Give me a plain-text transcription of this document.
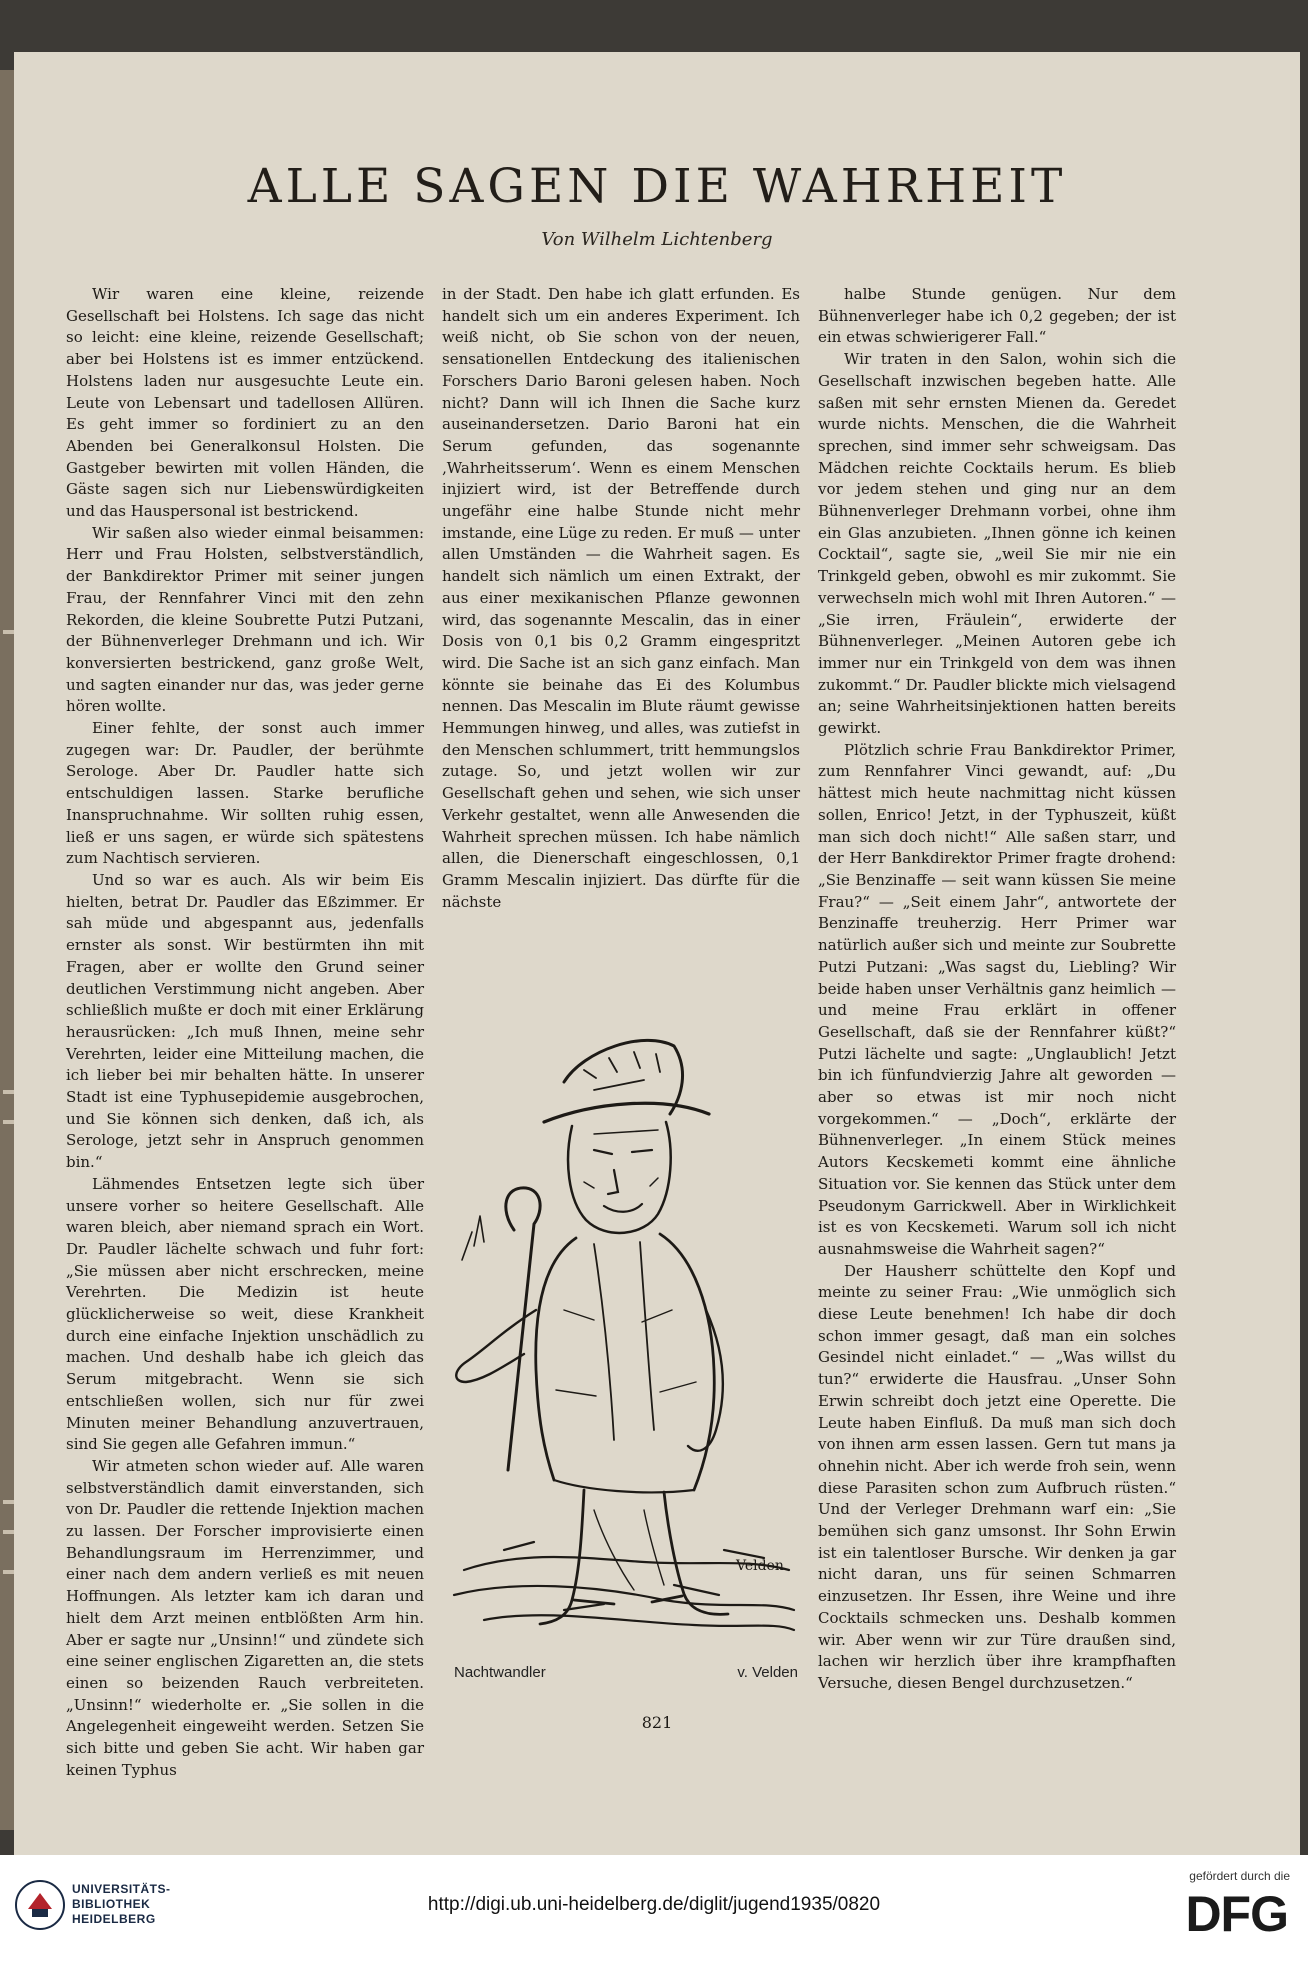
ALLE SAGEN DIE WAHRHEIT
Von Wilhelm Lichtenberg

Wir waren eine kleine, reizende Gesellschaft bei Holstens. Ich sage das nicht so leicht: eine kleine, reizende Gesellschaft; aber bei Holstens ist es immer entzückend. Holstens laden nur ausgesuchte Leute ein. Leute von Lebensart und tadellosen Allüren. Es geht immer so fordiniert zu an den Abenden bei Generalkonsul Holsten. Die Gastgeber bewirten mit vollen Händen, die Gäste sagen sich nur Liebenswürdigkeiten und das Hauspersonal ist bestrickend.

Wir saßen also wieder einmal beisammen: Herr und Frau Holsten, selbstverständlich, der Bankdirektor Primer mit seiner jungen Frau, der Rennfahrer Vinci mit den zehn Rekorden, die kleine Soubrette Putzi Putzani, der Bühnenverleger Drehmann und ich. Wir konversierten bestrickend, ganz große Welt, und sagten einander nur das, was jeder gerne hören wollte.

Einer fehlte, der sonst auch immer zugegen war: Dr. Paudler, der berühmte Serologe. Aber Dr. Paudler hatte sich entschuldigen lassen. Starke berufliche Inanspruchnahme. Wir sollten ruhig essen, ließ er uns sagen, er würde sich spätestens zum Nachtisch servieren.

Und so war es auch. Als wir beim Eis hielten, betrat Dr. Paudler das Eßzimmer. Er sah müde und abgespannt aus, jedenfalls ernster als sonst. Wir bestürmten ihn mit Fragen, aber er wollte den Grund seiner deutlichen Verstimmung nicht angeben. Aber schließlich mußte er doch mit einer Erklärung herausrücken: „Ich muß Ihnen, meine sehr Verehrten, leider eine Mitteilung machen, die ich lieber bei mir behalten hätte. In unserer Stadt ist eine Typhusepidemie ausgebrochen, und Sie können sich denken, daß ich, als Serologe, jetzt sehr in Anspruch genommen bin.“

Lähmendes Entsetzen legte sich über unsere vorher so heitere Gesellschaft. Alle waren bleich, aber niemand sprach ein Wort. Dr. Paudler lächelte schwach und fuhr fort: „Sie müssen aber nicht erschrecken, meine Verehrten. Die Medizin ist heute glücklicherweise so weit, diese Krankheit durch eine einfache Injektion unschädlich zu machen. Und deshalb habe ich gleich das Serum mitgebracht. Wenn sie sich entschließen wollen, sich nur für zwei Minuten meiner Behandlung anzuvertrauen, sind Sie gegen alle Gefahren immun.“

Wir atmeten schon wieder auf. Alle waren selbstverständlich damit einverstanden, sich von Dr. Paudler die rettende Injektion machen zu lassen. Der Forscher improvisierte einen Behandlungsraum im Herrenzimmer, und einer nach dem andern verließ es mit neuen Hoffnungen. Als letzter kam ich daran und hielt dem Arzt meinen entblößten Arm hin. Aber er sagte nur „Unsinn!“ und zündete sich eine seiner englischen Zigaretten an, die stets einen so beizenden Rauch verbreiteten. „Unsinn!“ wiederholte er. „Sie sollen in die Angelegenheit eingeweiht werden. Setzen Sie sich bitte und geben Sie acht. Wir haben gar keinen Typhus

in der Stadt. Den habe ich glatt erfunden. Es handelt sich um ein anderes Experiment. Ich weiß nicht, ob Sie schon von der neuen, sensationellen Entdeckung des italienischen Forschers Dario Baroni gelesen haben. Noch nicht? Dann will ich Ihnen die Sache kurz auseinandersetzen. Dario Baroni hat ein Serum gefunden, das sogenannte ‚Wahrheitsserum‘. Wenn es einem Menschen injiziert wird, ist der Betreffende durch ungefähr eine halbe Stunde nicht mehr imstande, eine Lüge zu reden. Er muß — unter allen Umständen — die Wahrheit sagen. Es handelt sich nämlich um einen Extrakt, der aus einer mexikanischen Pflanze gewonnen wird, das sogenannte Mescalin, das in einer Dosis von 0,1 bis 0,2 Gramm eingespritzt wird. Die Sache ist an sich ganz einfach. Man könnte sie beinahe das Ei des Kolumbus nennen. Das Mescalin im Blute räumt gewisse Hemmungen hinweg, und alles, was zutiefst in den Menschen schlummert, tritt hemmungslos zutage. So, und jetzt wollen wir zur Gesellschaft gehen und sehen, wie sich unser Verkehr gestaltet, wenn alle Anwesenden die Wahrheit sprechen müssen. Ich habe nämlich allen, die Dienerschaft eingeschlossen, 0,1 Gramm Mescalin injiziert. Das dürfte für die nächste

halbe Stunde genügen. Nur dem Bühnenverleger habe ich 0,2 gegeben; der ist ein etwas schwierigerer Fall.“

Wir traten in den Salon, wohin sich die Gesellschaft inzwischen begeben hatte. Alle saßen mit sehr ernsten Mienen da. Geredet wurde nichts. Menschen, die die Wahrheit sprechen, sind immer sehr schweigsam. Das Mädchen reichte Cocktails herum. Es blieb vor jedem stehen und ging nur an dem Bühnenverleger Drehmann vorbei, ohne ihm ein Glas anzubieten. „Ihnen gönne ich keinen Cocktail“, sagte sie, „weil Sie mir nie ein Trinkgeld geben, obwohl es mir zukommt. Sie verwechseln mich wohl mit Ihren Autoren.“ — „Sie irren, Fräulein“, erwiderte der Bühnenverleger. „Meinen Autoren gebe ich immer nur ein Trinkgeld von dem was ihnen zukommt.“ Dr. Paudler blickte mich vielsagend an; seine Wahrheitsinjektionen hatten bereits gewirkt.

Plötzlich schrie Frau Bankdirektor Primer, zum Rennfahrer Vinci gewandt, auf: „Du hättest mich heute nachmittag nicht küssen sollen, Enrico! Jetzt, in der Typhuszeit, küßt man sich doch nicht!“ Alle saßen starr, und der Herr Bankdirektor Primer fragte drohend: „Sie Benzinaffe — seit wann küssen Sie meine Frau?“ — „Seit einem Jahr“, antwortete der Benzinaffe treuherzig. Herr Primer war natürlich außer sich und meinte zur Soubrette Putzi Putzani: „Was sagst du, Liebling? Wir beide haben unser Verhältnis ganz heimlich — und meine Frau erklärt in offener Gesellschaft, daß sie der Rennfahrer küßt?“ Putzi lächelte und sagte: „Unglaublich! Jetzt bin ich fünfundvierzig Jahre alt geworden — aber so etwas ist mir noch nicht vorgekommen.“ — „Doch“, erklärte der Bühnenverleger. „In einem Stück meines Autors Kecskemeti kommt eine ähnliche Situation vor. Sie kennen das Stück unter dem Pseudonym Garrickwell. Aber in Wirklichkeit ist es von Kecskemeti. Warum soll ich nicht ausnahmsweise die Wahrheit sagen?“

Der Hausherr schüttelte den Kopf und meinte zu seiner Frau: „Wie unmöglich sich diese Leute benehmen! Ich habe dir doch schon immer gesagt, daß man ein solches Gesindel nicht einladet.“ — „Was willst du tun?“ erwiderte die Hausfrau. „Unser Sohn Erwin schreibt doch jetzt eine Operette. Die Leute haben Einfluß. Da muß man sich doch von ihnen arm essen lassen. Gern tut mans ja ohnehin nicht. Aber ich werde froh sein, wenn diese Parasiten schon zum Aufbruch rüsten.“ Und der Verleger Drehmann warf ein: „Sie bemühen sich ganz umsonst. Ihr Sohn Erwin ist ein talentloser Bursche. Wir denken ja gar nicht daran, uns für seinen Schmarren einzusetzen. Ihr Essen, ihre Weine und ihre Cocktails schmecken uns. Deshalb kommen wir. Aber wenn wir zur Türe draußen sind, lachen wir herzlich über ihre krampfhaften Versuche, diesen Bengel durchzusetzen.“

Velden
Nachtwandler	v. Velden
821
UNIVERSITÄTS-
BIBLIOTHEK
HEIDELBERG
http://digi.ub.uni-heidelberg.de/diglit/jugend1935/0820
gefördert durch die
DFG
